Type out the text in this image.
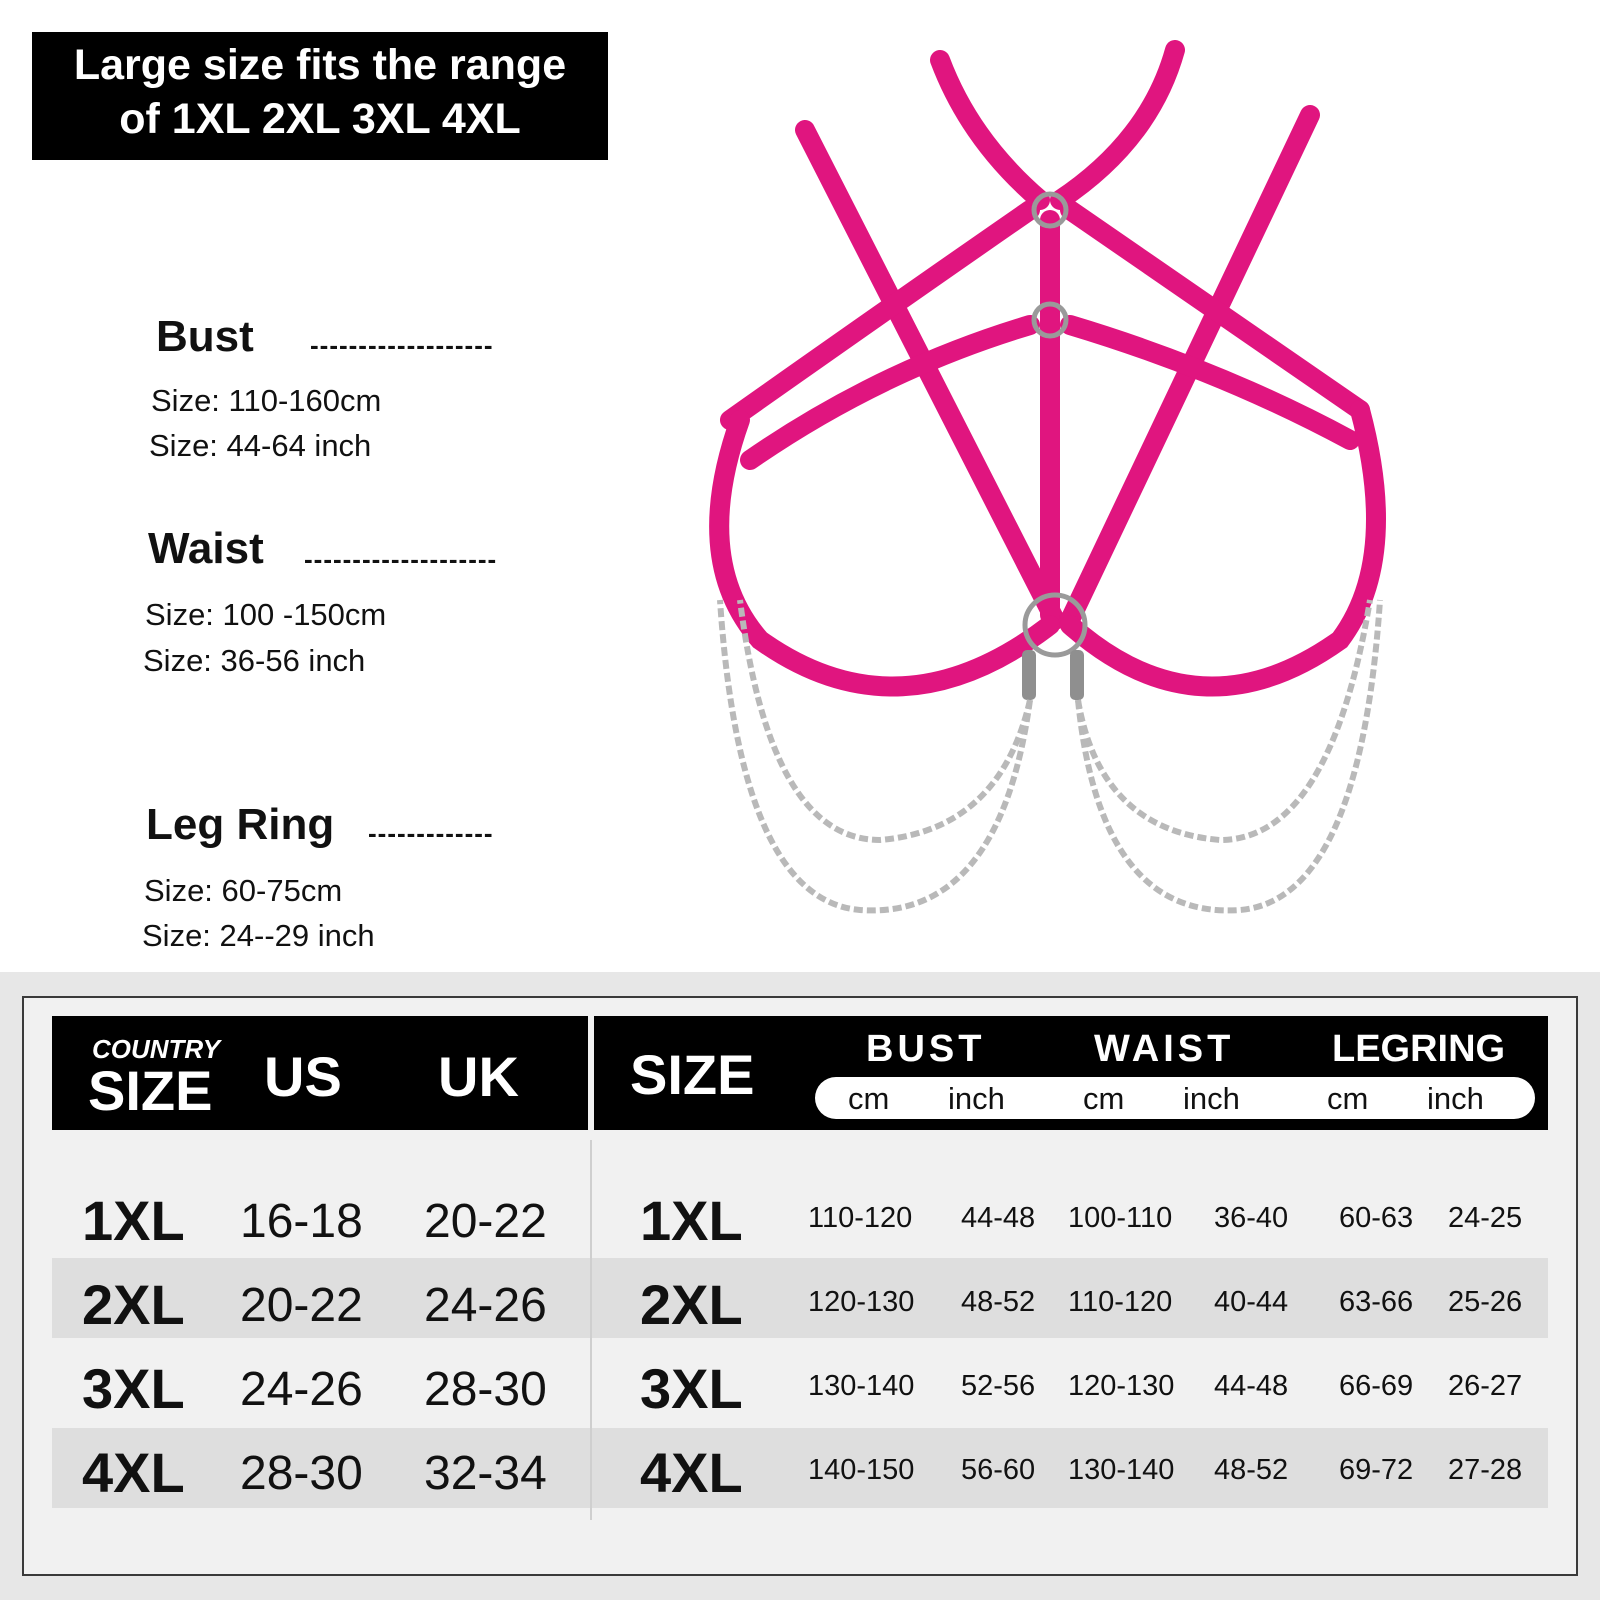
Large size fits the range
of 1XL 2XL 3XL 4XL
Bust -------------------
Size: 110-160cm
Size: 44-64 inch
Waist --------------------
Size: 100 -150cm
Size: 36-56 inch
Leg Ring -------------
Size: 60-75cm
Size: 24--29 inch
COUNTRY
SIZE US UK SIZE	BUST	WAIST	LEGRING
cm inch	cm inch	cm inch
1XL 16-18 20-22 1XL 110-120 44-48 100-110 36-40 60-63 24-25
2XL 20-22 24-26 2XL 120-130 48-52 110-120 40-44 63-66 25-26
3XL 24-26 28-30 3XL 130-140 52-56 120-130 44-48 66-69 26-27
4XL 28-30 32-34 4XL 140-150 56-60 130-140 48-52 69-72 27-28
